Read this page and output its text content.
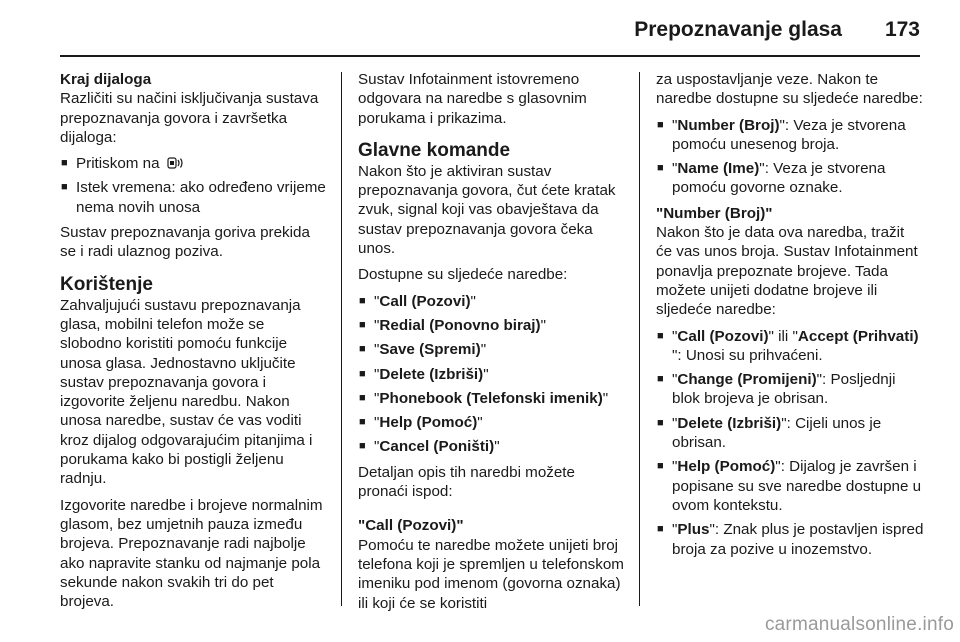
Prepoznavanje glasa 173
Kraj dijaloga

Različiti su načini isključivanja sustava prepoznavanja govora i završetka dijaloga:

■ Pritiskom na
■ Istek vremena: ako određeno vrijeme nema novih unosa

Sustav prepoznavanja goriva prekida se i radi ulaznog poziva.

Korištenje

Zahvaljujući sustavu prepoznavanja glasa, mobilni telefon može se slobodno koristiti pomoću funkcije unosa glasa. Jednostavno uključite sustav prepoznavanja govora i izgovorite željenu naredbu. Nakon unosa naredbe, sustav će vas voditi kroz dijalog odgovarajućim pitanjima i porukama kako bi postigli željenu radnju.

Izgovorite naredbe i brojeve normalnim glasom, bez umjetnih pauza između brojeva. Prepoznavanje radi najbolje ako napravite stanku od najmanje pola sekunde nakon svakih tri do pet brojeva.

Sustav Infotainment istovremeno odgovara na naredbe s glasovnim porukama i prikazima.

Glavne komande

Nakon što je aktiviran sustav prepoznavanja govora, čut ćete kratak zvuk, signal koji vas obavještava da sustav prepoznavanja govora čeka unos.

Dostupne su sljedeće naredbe:

■ "Call (Pozovi)"
■ "Redial (Ponovno biraj)"
■ "Save (Spremi)"
■ "Delete (Izbriši)"
■ "Phonebook (Telefonski imenik)"
■ "Help (Pomoć)"
■ "Cancel (Poništi)"

Detaljan opis tih naredbi možete pronaći ispod:

"Call (Pozovi)"

Pomoću te naredbe možete unijeti broj telefona koji je spremljen u telefonskom imeniku pod imenom (govorna oznaka) ili koji će se koristiti

za uspostavljanje veze. Nakon te naredbe dostupne su sljedeće naredbe:

■ "Number (Broj)": Veza je stvorena pomoću unesenog broja.
■ "Name (Ime)": Veza je stvorena pomoću govorne oznake.
"Number (Broj)"

Nakon što je data ova naredba, tražit će vas unos broja. Sustav Infotainment ponavlja prepoznate brojeve. Tada možete unijeti dodatne brojeve ili sljedeće naredbe:

■ "Call (Pozovi)" ili "Accept (Prihvati) ": Unosi su prihvaćeni.
■ "Change (Promijeni)": Posljednji blok brojeva je obrisan.
■ "Delete (Izbriši)": Cijeli unos je obrisan.
■ "Help (Pomoć)": Dijalog je završen i popisane su sve naredbe dostupne u ovom kontekstu.
■ "Plus": Znak plus je postavljen ispred broja za pozive u inozemstvo.
carmanualsonline.info
